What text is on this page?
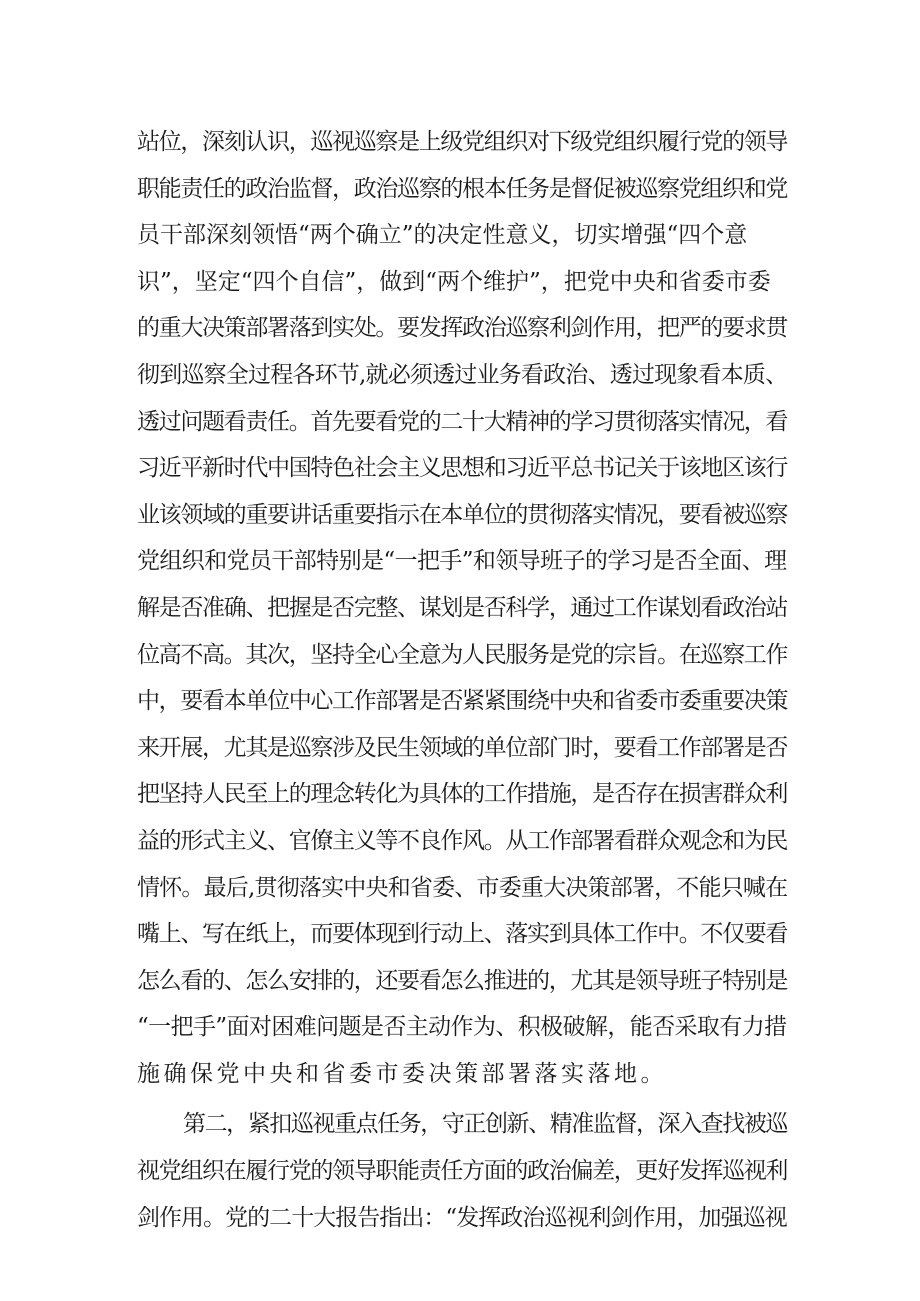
站位，深刻认识，巡视巡察是上级党组织对下级党组织履行党的领导
职能责任的政治监督，政治巡察的根本任务是督促被巡察党组织和党
员干部深刻领悟“两个确立”的决定性意义，切实增强“四个意
识”，坚定“四个自信”，做到“两个维护”，把党中央和省委市委
的重大决策部署落到实处。要发挥政治巡察利剑作用，把严的要求贯
彻到巡察全过程各环节,就必须透过业务看政治、透过现象看本质、
透过问题看责任。首先要看党的二十大精神的学习贯彻落实情况，看
习近平新时代中国特色社会主义思想和习近平总书记关于该地区该行
业该领域的重要讲话重要指示在本单位的贯彻落实情况，要看被巡察
党组织和党员干部特别是“一把手”和领导班子的学习是否全面、理
解是否准确、把握是否完整、谋划是否科学，通过工作谋划看政治站
位高不高。其次，坚持全心全意为人民服务是党的宗旨。在巡察工作
中，要看本单位中心工作部署是否紧紧围绕中央和省委市委重要决策
来开展，尤其是巡察涉及民生领域的单位部门时，要看工作部署是否
把坚持人民至上的理念转化为具体的工作措施，是否存在损害群众利
益的形式主义、官僚主义等不良作风。从工作部署看群众观念和为民
情怀。最后,贯彻落实中央和省委、市委重大决策部署，不能只喊在
嘴上、写在纸上，而要体现到行动上、落实到具体工作中。不仅要看
怎么看的、怎么安排的，还要看怎么推进的，尤其是领导班子特别是
“一把手”面对困难问题是否主动作为、积极破解，能否采取有力措
施确保党中央和省委市委决策部署落实落地。
第二，紧扣巡视重点任务，守正创新、精准监督，深入查找被巡
视党组织在履行党的领导职能责任方面的政治偏差，更好发挥巡视利
剑作用。党的二十大报告指出：“发挥政治巡视利剑作用，加强巡视
